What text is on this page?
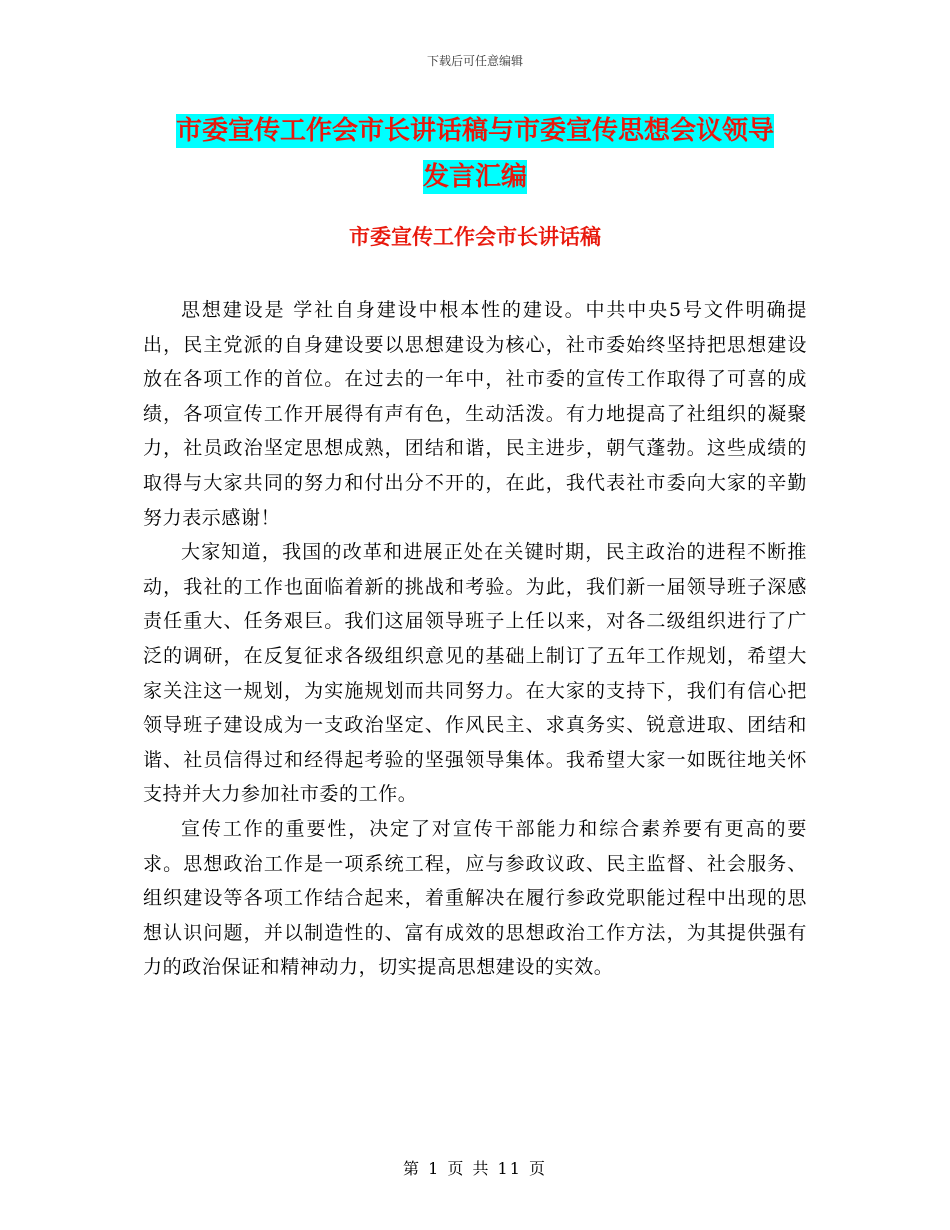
下载后可任意编辑
市委宣传工作会市长讲话稿与市委宣传思想会议领导
发言汇编
市委宣传工作会市长讲话稿

思想建设是 学社自身建设中根本性的建设。中共中央5号文件明确提出，民主党派的自身建设要以思想建设为核心，社市委始终坚持把思想建设放在各项工作的首位。在过去的一年中，社市委的宣传工作取得了可喜的成绩，各项宣传工作开展得有声有色，生动活泼。有力地提高了社组织的凝聚力，社员政治坚定思想成熟，团结和谐，民主进步，朝气蓬勃。这些成绩的取得与大家共同的努力和付出分不开的，在此，我代表社市委向大家的辛勤努力表示感谢！

大家知道，我国的改革和进展正处在关键时期，民主政治的进程不断推动，我社的工作也面临着新的挑战和考验。为此，我们新一届领导班子深感责任重大、任务艰巨。我们这届领导班子上任以来，对各二级组织进行了广泛的调研，在反复征求各级组织意见的基础上制订了五年工作规划，希望大家关注这一规划，为实施规划而共同努力。在大家的支持下，我们有信心把领导班子建设成为一支政治坚定、作风民主、求真务实、锐意进取、团结和谐、社员信得过和经得起考验的坚强领导集体。我希望大家一如既往地关怀支持并大力参加社市委的工作。

宣传工作的重要性，决定了对宣传干部能力和综合素养要有更高的要求。思想政治工作是一项系统工程，应与参政议政、民主监督、社会服务、组织建设等各项工作结合起来，着重解决在履行参政党职能过程中出现的思想认识问题，并以制造性的、富有成效的思想政治工作方法，为其提供强有力的政治保证和精神动力，切实提高思想建设的实效。

第 1 页 共 11 页
